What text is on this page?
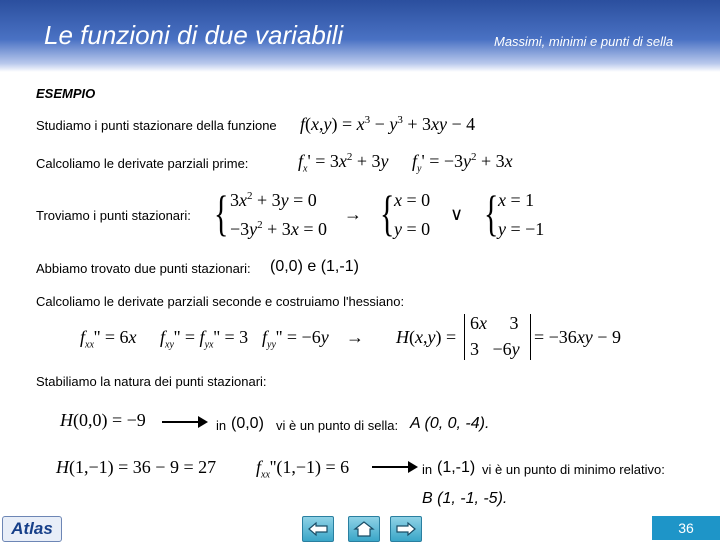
Le funzioni di due variabili	Massimi, minimi e punti di sella
ESEMPIO
Studiamo i punti stazionare della funzione $f(x,y) = x^3 - y^3 + 3xy - 4$
Calcoliamo le derivate parziali prime:	$f_x' = 3x^2 + 3y$ $f_y' = -3y^2 + 3x$
Troviamo i punti stazionari: { $3x^2 + 3y = 0$
$-3y^2 + 3x = 0$
→ { x = 0
y = 0
∨ { x = 1
y = −1
Abbiamo trovato due punti stazionari: (0,0) e (1,-1)
Calcoliamo le derivate parziali seconde e costruiamo l'hessiano:
$f_{xx}'' = 6x$ $f_{xy}'' = f_{yx}'' = 3$ $f_{yy}'' = -6y \to H(x,y)$ =
6x     3
3   −6y
= −36xy − 9
Stabiliamo la natura dei punti stazionari:
H(0,0) = −9	in (0,0) vi è un punto di sella: A (0, 0, -4).
H(1,−1) = 36 − 9 = 27 $f_{xx}''(1,-1) = 6$	in (1,-1) vi è un punto di minimo relativo:
B (1, -1, -5).
Atlas	36
